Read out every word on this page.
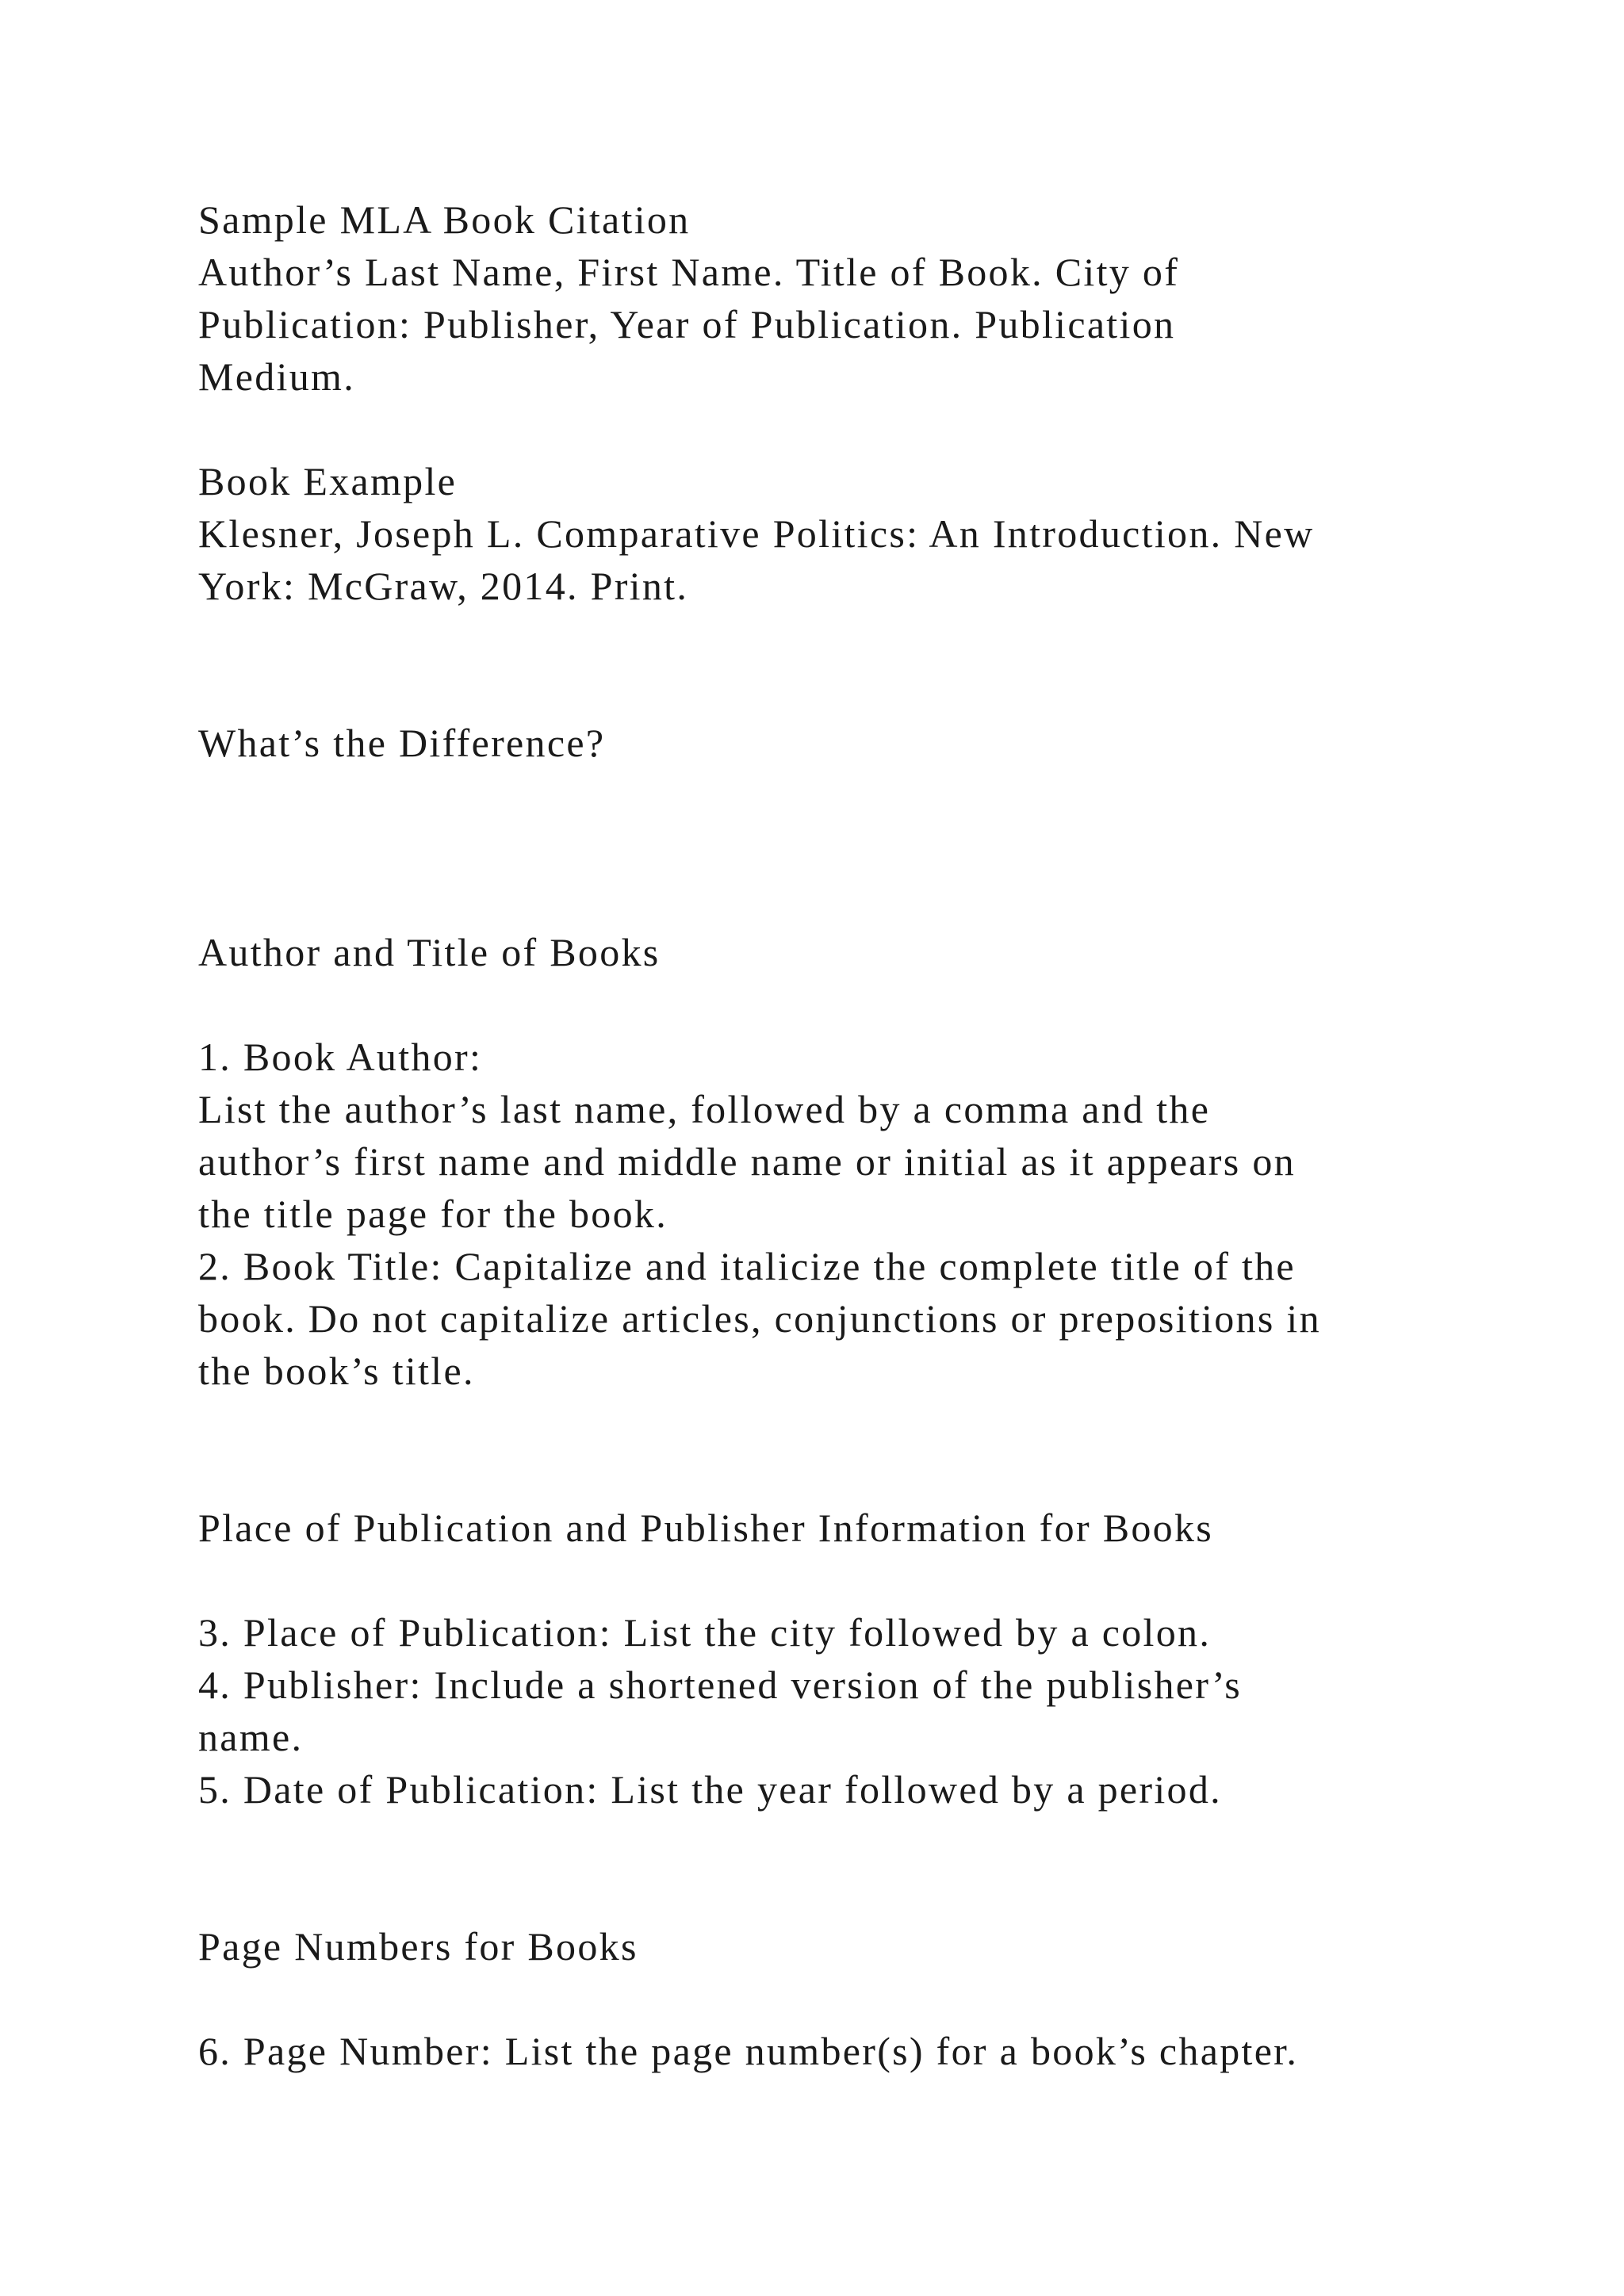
Sample MLA Book Citation
Author’s Last Name, First Name. Title of Book. City of
Publication: Publisher, Year of Publication. Publication
Medium.
Book Example
Klesner, Joseph L. Comparative Politics: An Introduction. New
York: McGraw, 2014. Print.
What’s the Difference?
Author and Title of Books
1. Book Author:
List the author’s last name, followed by a comma and the
author’s first name and middle name or initial as it appears on
the title page for the book.
2. Book Title: Capitalize and italicize the complete title of the
book. Do not capitalize articles, conjunctions or prepositions in
the book’s title.
Place of Publication and Publisher Information for Books
3. Place of Publication: List the city followed by a colon.
4. Publisher: Include a shortened version of the publisher’s
name.
5. Date of Publication: List the year followed by a period.
Page Numbers for Books
6. Page Number: List the page number(s) for a book’s chapter.
